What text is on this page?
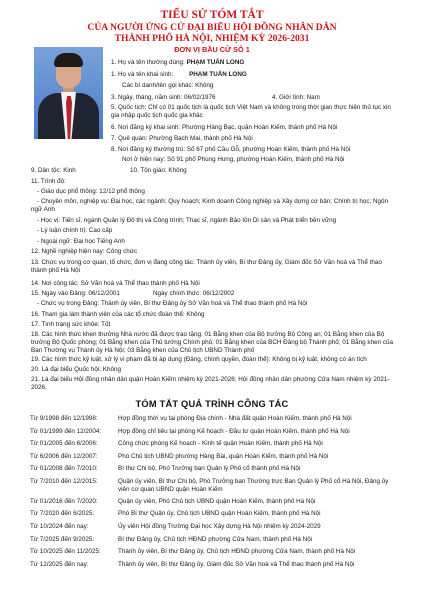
TIỂU SỬ TÓM TẮT
CỦA NGƯỜI ỨNG CỬ ĐẠI BIỂU HỘI ĐỒNG NHÂN DÂN
THÀNH PHỐ HÀ NỘI, NHIỆM KỲ 2026-2031
ĐƠN VỊ BẦU CỬ SỐ 1
1. Họ và tên thường dùng: PHẠM TUẤN LONG
1. Họ và tên khai sinh: PHẠM TUẤN LONG
Các bí danh/tên gọi khác: Không
3. Ngày, tháng, năm sinh: 06/02/1976	4. Giới tính: Nam
5. Quốc tịch: Chỉ có 01 quốc tịch là quốc tịch Việt Nam và không trong thời gian thực hiện thủ tục xin gia nhập quốc tịch quốc gia khác
6. Nơi đăng ký khai sinh: Phường Hàng Bạc, quận Hoàn Kiếm, thành phố Hà Nội
7. Quê quán: Phường Bạch Mai, thành phố Hà Nội
8. Nơi đăng ký thường trú: Số 67 phố Cầu Gỗ, phường Hoàn Kiếm, thành phố Hà Nội
Nơi ở hiện nay: Số 91 phố Phùng Hưng, phường Hoàn Kiếm, thành phố Hà Nội
9. Dân tộc: Kinh	10. Tôn giáo: Không
11. Trình độ:
- Giáo dục phổ thông: 12/12 phổ thông
- Chuyên môn, nghiệp vụ: Đại học, các ngành: Quy hoạch; Kinh doanh Công nghiệp và Xây dựng cơ bản; Chính trị học; Ngôn ngữ Anh
- Học vị: Tiến sĩ, ngành Quản lý Đô thị và Công trình; Thạc sĩ, ngành Bảo tồn Di sản và Phát triển bền vững
- Lý luận chính trị: Cao cấp
- Ngoại ngữ: Đại học Tiếng Anh
12. Nghề nghiệp hiện nay: Công chức
13. Chức vụ trong cơ quan, tổ chức, đơn vị đang công tác: Thành ủy viên, Bí thư Đảng ủy, Giám đốc Sở Văn hoá và Thể thao thành phố Hà Nội
14. Nơi công tác: Sở Văn hoá và Thể thao thành phố Hà Nội
15. Ngày vào Đảng: 06/12/2001	Ngày chính thức: 06/12/2002
- Chức vụ trong Đảng: Thành ủy viên, Bí thư Đảng ủy Sở Văn hoá và Thể thao thành phố Hà Nội
16. Tham gia làm thành viên của các tổ chức đoàn thể: Không
17. Tình trạng sức khỏe: Tốt
18. Các hình thức khen thưởng Nhà nước đã được trao tặng: 01 Bằng khen của Bộ trưởng Bộ Công an; 01 Bằng khen của Bộ trưởng Bộ Quốc phòng; 01 Bằng khen của Thủ tướng Chính phủ; 01 Bằng khen của BCH Đảng bộ Thành phố; 01 Bằng khen của Ban Thường vụ Thành ủy Hà Nội; 03 Bằng khen của Chủ tịch UBND Thành phố
19. Các hình thức kỷ luật, xử lý vi phạm đã bị áp dụng (Đảng, chính quyền, đoàn thể): Không bị kỷ luật, không có án tích
20. Là đại biểu Quốc hội: Không
21. Là đại biểu Hội đồng nhân dân quận Hoàn Kiếm nhiệm kỳ 2021-2026; Hội đồng nhân dân phường Cửa Nam nhiệm kỳ 2021-2026.
TÓM TẮT QUÁ TRÌNH CÔNG TÁC
Từ 9/1998 đến 12/1998:	Hợp đồng thời vụ tại phòng Địa chính - Nhà đất quận Hoàn Kiếm, thành phố Hà Nội
Từ 01/1999 đến 12/2004:	Hợp đồng chỉ tiêu tại phòng Kế hoạch - Đầu tư quận Hoàn Kiếm, thành phố Hà Nội
Từ 01/2005 đến 6/2006:	Công chức phòng Kế hoạch - Kinh tế quận Hoàn Kiếm, thành phố Hà Nội
Từ 6/2006 đến 12/2007:	Phó Chủ tịch UBND phường Hàng Bài, quận Hoàn Kiếm, thành phố Hà Nội
Từ 01/2008 đến 7/2010:	Bí thư Chi bộ, Phó Trưởng ban Quản lý Phố cổ thành phố Hà Nội
Từ 7/2010 đến 12/2015:	Quận ủy viên, Bí thư Chi bộ, Phó Trưởng ban Thường trực Ban Quản lý Phố cổ Hà Nội, Đảng ủy viên cơ quan UBND quận Hoàn Kiếm
Từ 01/2016 đến 7/2020:	Quận ủy viên, Phó Chủ tịch UBND quận Hoàn Kiếm, thành phố Hà Nội
Từ 7/2020 đến 6/2025:	Phó Bí thư Quận ủy, Chủ tịch UBND quận Hoàn Kiếm, thành phố Hà Nội
Từ 10/2024 đến nay:	Ủy viên Hội đồng Trường Đại học Xây dựng Hà Nội nhiệm kỳ 2024-2029
Từ 7/2025 đến 9/2025:	Bí thư Đảng ủy, Chủ tịch HĐND phường Cửa Nam, thành phố Hà Nội
Từ 10/2025 đến 11/2025:	Thành ủy viên, Bí thư Đảng ủy, Chủ tịch HĐND phường Cửa Nam, thành phố Hà Nội
Từ 12/2025 đến nay:	Thành ủy viên, Bí thư Đảng ủy, Giám đốc Sở Văn hoá và Thể thao thành phố Hà Nội
